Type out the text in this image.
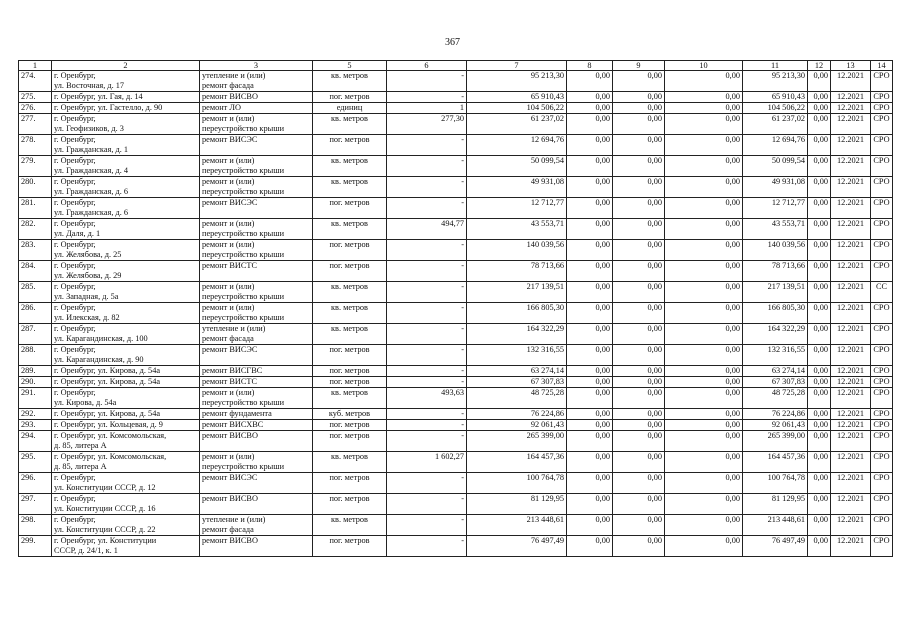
367
1	2	3	5	6	7	8	9	10	11	12	13	14
274.	г. Оренбург,
ул. Восточная, д. 17	утепление и (или)
ремонт фасада	кв. метров	-	95 213,30	0,00	0,00	0,00	95 213,30	0,00	12.2021	СРО
275.	г. Оренбург, ул. Гая, д. 14	ремонт ВИСВО	пог. метров	-	65 910,43	0,00	0,00	0,00	65 910,43	0,00	12.2021	СРО
276.	г. Оренбург, ул. Гастелло, д. 90	ремонт ЛО	единиц	1	104 506,22	0,00	0,00	0,00	104 506,22	0,00	12.2021	СРО
277.	г. Оренбург,
ул. Геофизиков, д. 3	ремонт и (или)
переустройство крыши	кв. метров	277,30	61 237,02	0,00	0,00	0,00	61 237,02	0,00	12.2021	СРО
278.	г. Оренбург,
ул. Гражданская, д. 1	ремонт ВИСЭС	пог. метров	-	12 694,76	0,00	0,00	0,00	12 694,76	0,00	12.2021	СРО
279.	г. Оренбург,
ул. Гражданская, д. 4	ремонт и (или)
переустройство крыши	кв. метров	-	50 099,54	0,00	0,00	0,00	50 099,54	0,00	12.2021	СРО
280.	г. Оренбург,
ул. Гражданская, д. 6	ремонт и (или)
переустройство крыши	кв. метров	-	49 931,08	0,00	0,00	0,00	49 931,08	0,00	12.2021	СРО
281.	г. Оренбург,
ул. Гражданская, д. 6	ремонт ВИСЭС	пог. метров	-	12 712,77	0,00	0,00	0,00	12 712,77	0,00	12.2021	СРО
282.	г. Оренбург,
ул. Даля, д. 1	ремонт и (или)
переустройство крыши	кв. метров	494,77	43 553,71	0,00	0,00	0,00	43 553,71	0,00	12.2021	СРО
283.	г. Оренбург,
ул. Желябова, д. 25	ремонт и (или)
переустройство крыши	пог. метров	-	140 039,56	0,00	0,00	0,00	140 039,56	0,00	12.2021	СРО
284.	г. Оренбург,
ул. Желябова, д. 29	ремонт ВИСТС	пог. метров	-	78 713,66	0,00	0,00	0,00	78 713,66	0,00	12.2021	СРО
285.	г. Оренбург,
ул. Западная, д. 5а	ремонт и (или)
переустройство крыши	кв. метров	-	217 139,51	0,00	0,00	0,00	217 139,51	0,00	12.2021	СС
286.	г. Оренбург,
ул. Илекская, д. 82	ремонт и (или)
переустройство крыши	кв. метров	-	166 805,30	0,00	0,00	0,00	166 805,30	0,00	12.2021	СРО
287.	г. Оренбург,
ул. Карагандинская, д. 100	утепление и (или)
ремонт фасада	кв. метров	-	164 322,29	0,00	0,00	0,00	164 322,29	0,00	12.2021	СРО
288.	г. Оренбург,
ул. Карагандинская, д. 90	ремонт ВИСЭС	пог. метров	-	132 316,55	0,00	0,00	0,00	132 316,55	0,00	12.2021	СРО
289.	г. Оренбург, ул. Кирова, д. 54а	ремонт ВИСГВС	пог. метров	-	63 274,14	0,00	0,00	0,00	63 274,14	0,00	12.2021	СРО
290.	г. Оренбург, ул. Кирова, д. 54а	ремонт ВИСТС	пог. метров	-	67 307,83	0,00	0,00	0,00	67 307,83	0,00	12.2021	СРО
291.	г. Оренбург,
ул. Кирова, д. 54а	ремонт и (или)
переустройство крыши	кв. метров	493,63	48 725,28	0,00	0,00	0,00	48 725,28	0,00	12.2021	СРО
292.	г. Оренбург, ул. Кирова, д. 54а	ремонт фундамента	куб. метров	-	76 224,86	0,00	0,00	0,00	76 224,86	0,00	12.2021	СРО
293.	г. Оренбург, ул. Кольцевая, д. 9	ремонт ВИСХВС	пог. метров	-	92 061,43	0,00	0,00	0,00	92 061,43	0,00	12.2021	СРО
294.	г. Оренбург, ул. Комсомольская,
д. 85, литера А	ремонт ВИСВО	пог. метров	-	265 399,00	0,00	0,00	0,00	265 399,00	0,00	12.2021	СРО
295.	г. Оренбург, ул. Комсомольская,
д. 85, литера А	ремонт и (или)
переустройство крыши	кв. метров	1 602,27	164 457,36	0,00	0,00	0,00	164 457,36	0,00	12.2021	СРО
296.	г. Оренбург,
ул. Конституции СССР, д. 12	ремонт ВИСЭС	пог. метров	-	100 764,78	0,00	0,00	0,00	100 764,78	0,00	12.2021	СРО
297.	г. Оренбург,
ул. Конституции СССР, д. 16	ремонт ВИСВО	пог. метров	-	81 129,95	0,00	0,00	0,00	81 129,95	0,00	12.2021	СРО
298.	г. Оренбург,
ул. Конституции СССР, д. 22	утепление и (или)
ремонт фасада	кв. метров	-	213 448,61	0,00	0,00	0,00	213 448,61	0,00	12.2021	СРО
299.	г. Оренбург, ул. Конституции
СССР, д. 24/1, к. 1	ремонт ВИСВО	пог. метров	-	76 497,49	0,00	0,00	0,00	76 497,49	0,00	12.2021	СРО
